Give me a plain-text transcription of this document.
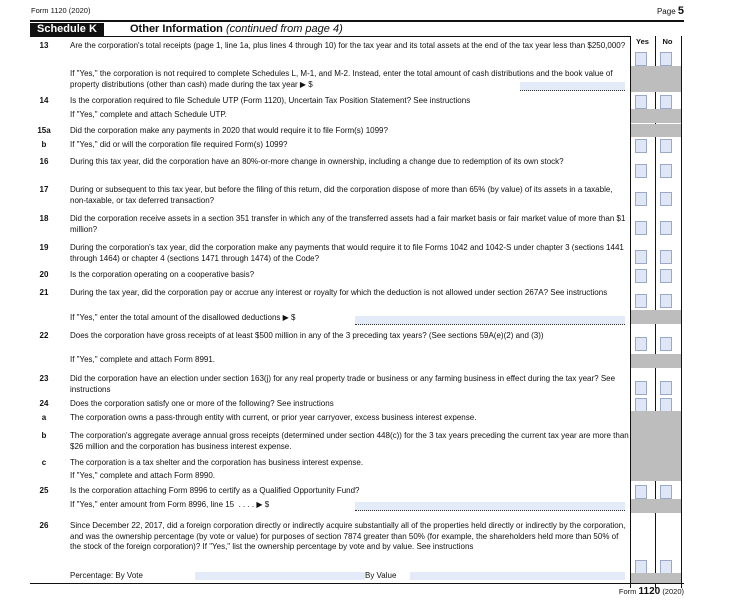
Form 1120 (2020)	Page 5
Schedule K	Other Information (continued from page 4)
Yes	No
13	Are the corporation's total receipts (page 1, line 1a, plus lines 4 through 10) for the tax year and its total assets at the end of the tax year less than $250,000?
If "Yes," the corporation is not required to complete Schedules L, M-1, and M-2. Instead, enter the total amount of cash distributions and the book value of property distributions (other than cash) made during the tax year ▶ $
14	Is the corporation required to file Schedule UTP (Form 1120), Uncertain Tax Position Statement? See instructions
If "Yes," complete and attach Schedule UTP.
15a	Did the corporation make any payments in 2020 that would require it to file Form(s) 1099?
b	If "Yes," did or will the corporation file required Form(s) 1099?
16	During this tax year, did the corporation have an 80%-or-more change in ownership, including a change due to redemption of its own stock?
17	During or subsequent to this tax year, but before the filing of this return, did the corporation dispose of more than 65% (by value) of its assets in a taxable, non-taxable, or tax deferred transaction?
18	Did the corporation receive assets in a section 351 transfer in which any of the transferred assets had a fair market basis or fair market value of more than $1 million?
19	During the corporation's tax year, did the corporation make any payments that would require it to file Forms 1042 and 1042-S under chapter 3 (sections 1441 through 1464) or chapter 4 (sections 1471 through 1474) of the Code?
20	Is the corporation operating on a cooperative basis?
21	During the tax year, did the corporation pay or accrue any interest or royalty for which the deduction is not allowed under section 267A? See instructions
If "Yes," enter the total amount of the disallowed deductions ▶ $
22	Does the corporation have gross receipts of at least $500 million in any of the 3 preceding tax years? (See sections 59A(e)(2) and (3))
If "Yes," complete and attach Form 8991.
23	Did the corporation have an election under section 163(j) for any real property trade or business or any farming business in effect during the tax year? See instructions
24	Does the corporation satisfy one or more of the following? See instructions
a	The corporation owns a pass-through entity with current, or prior year carryover, excess business interest expense.
b	The corporation's aggregate average annual gross receipts (determined under section 448(c)) for the 3 tax years preceding the current tax year are more than $26 million and the corporation has business interest expense.
c	The corporation is a tax shelter and the corporation has business interest expense.
If "Yes," complete and attach Form 8990.
25	Is the corporation attaching Form 8996 to certify as a Qualified Opportunity Fund?
If "Yes," enter amount from Form 8996, line 15  . . . . ▶ $
26	Since December 22, 2017, did a foreign corporation directly or indirectly acquire substantially all of the properties held directly or indirectly by the corporation, and was the ownership percentage (by vote or value) for purposes of section 7874 greater than 50% (for example, the shareholders held more than 50% of the stock of the foreign corporation)? If "Yes," list the ownership percentage by vote and by value. See instructions
Percentage: By Vote	By Value
Form 1120 (2020)
